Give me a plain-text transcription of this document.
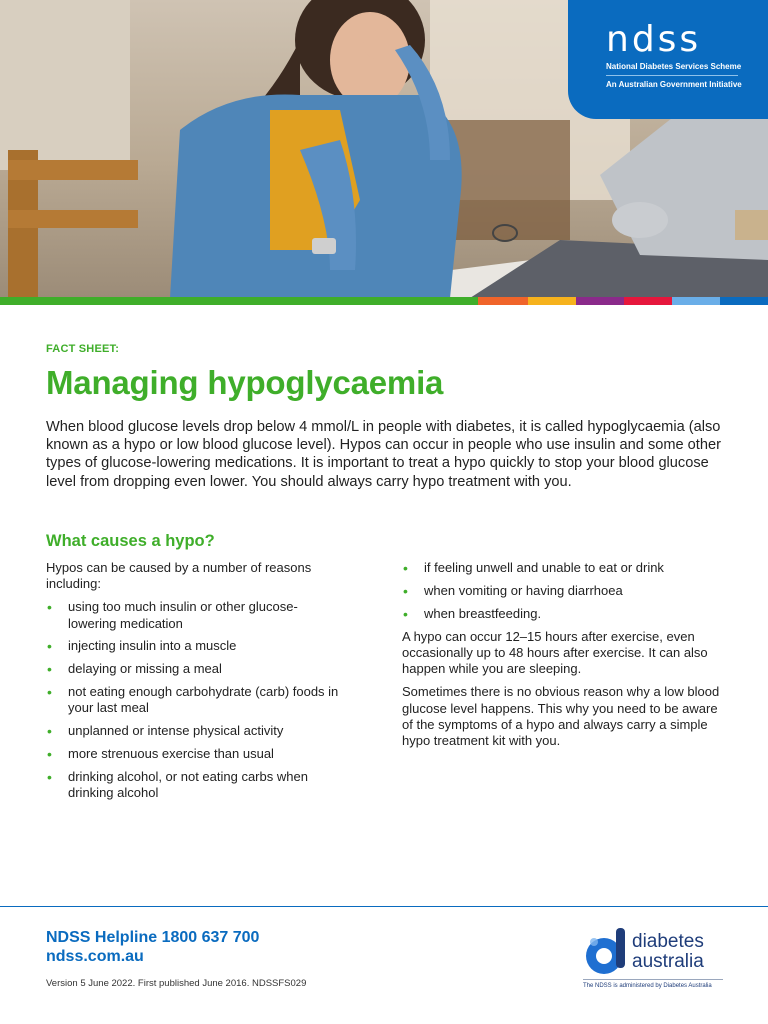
ndss
National Diabetes Services Scheme
An Australian Government Initiative
FACT SHEET:
Managing hypoglycaemia
When blood glucose levels drop below 4 mmol/L in people with diabetes, it is called hypoglycaemia (also known as a hypo or low blood glucose level). Hypos can occur in people who use insulin and some other types of glucose-lowering medications. It is important to treat a hypo quickly to stop your blood glucose level from dropping even lower. You should always carry hypo treatment with you.
What causes a hypo?

Hypos can be caused by a number of reasons including:

• using too much insulin or other glucose-lowering medication
• injecting insulin into a muscle
• delaying or missing a meal
• not eating enough carbohydrate (carb) foods in your last meal
• unplanned or intense physical activity
• more strenuous exercise than usual
• drinking alcohol, or not eating carbs when drinking alcohol
• if feeling unwell and unable to eat or drink
• when vomiting or having diarrhoea
• when breastfeeding.

A hypo can occur 12–15 hours after exercise, even occasionally up to 48 hours after exercise. It can also happen while you are sleeping.

Sometimes there is no obvious reason why a low blood glucose level happens. This why you need to be aware of the symptoms of a hypo and always carry a simple hypo treatment kit with you.

NDSS Helpline 1800 637 700
ndss.com.au
Version 5 June 2022. First published June 2016. NDSSFS029
diabetes
australia
The NDSS is administered by Diabetes Australia
